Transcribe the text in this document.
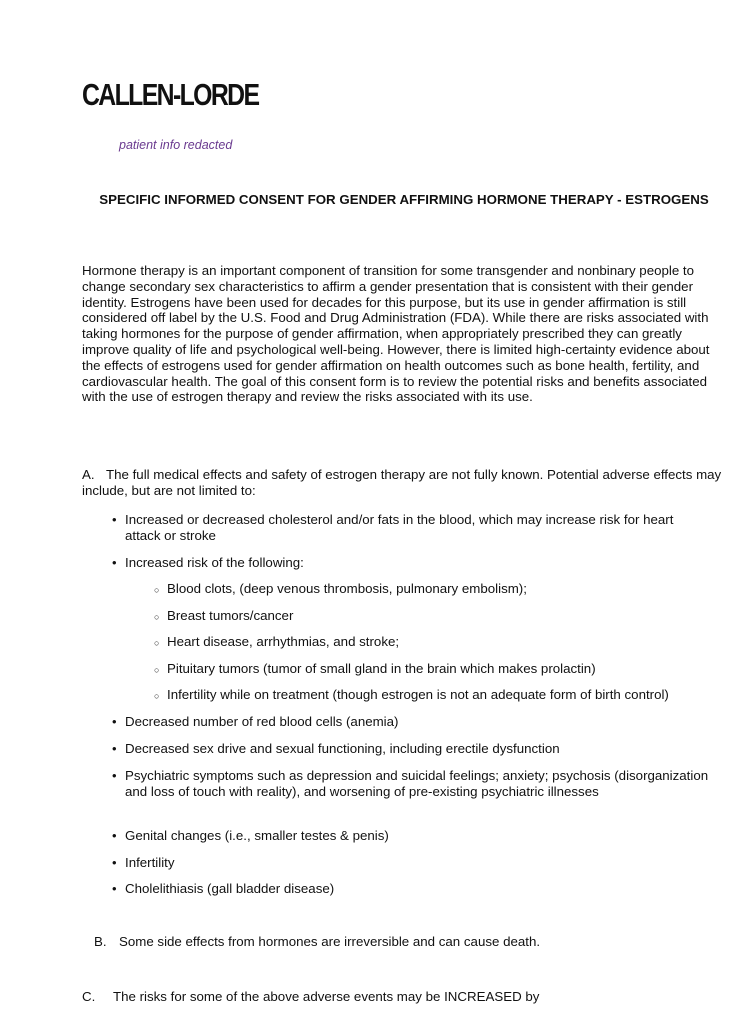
CALLEN-LORDE
patient info redacted
SPECIFIC INFORMED CONSENT FOR GENDER AFFIRMING HORMONE THERAPY - ESTROGENS
Hormone therapy is an important component of transition for some transgender and nonbinary people to change secondary sex characteristics to affirm a gender presentation that is consistent with their gender identity. Estrogens have been used for decades for this purpose, but its use in gender affirmation is still considered off label by the U.S. Food and Drug Administration (FDA). While there are risks associated with taking hormones for the purpose of gender affirmation, when appropriately prescribed they can greatly improve quality of life and psychological well-being. However, there is limited high-certainty evidence about the effects of estrogens used for gender affirmation on health outcomes such as bone health, fertility, and cardiovascular health. The goal of this consent form is to review the potential risks and benefits associated with the use of estrogen therapy and review the risks associated with its use.
A. The full medical effects and safety of estrogen therapy are not fully known. Potential adverse effects may include, but are not limited to:
• Increased or decreased cholesterol and/or fats in the blood, which may increase risk for heart attack or stroke
• Increased risk of the following:
○ Blood clots, (deep venous thrombosis, pulmonary embolism);
○ Breast tumors/cancer
○ Heart disease, arrhythmias, and stroke;
○ Pituitary tumors (tumor of small gland in the brain which makes prolactin)
○ Infertility while on treatment (though estrogen is not an adequate form of birth control)
• Decreased number of red blood cells (anemia)
• Decreased sex drive and sexual functioning, including erectile dysfunction
• Psychiatric symptoms such as depression and suicidal feelings; anxiety; psychosis (disorganization and loss of touch with reality), and worsening of pre-existing psychiatric illnesses
• Genital changes (i.e., smaller testes & penis)
• Infertility
• Cholelithiasis (gall bladder disease)
B. Some side effects from hormones are irreversible and can cause death.
C. The risks for some of the above adverse events may be INCREASED by
